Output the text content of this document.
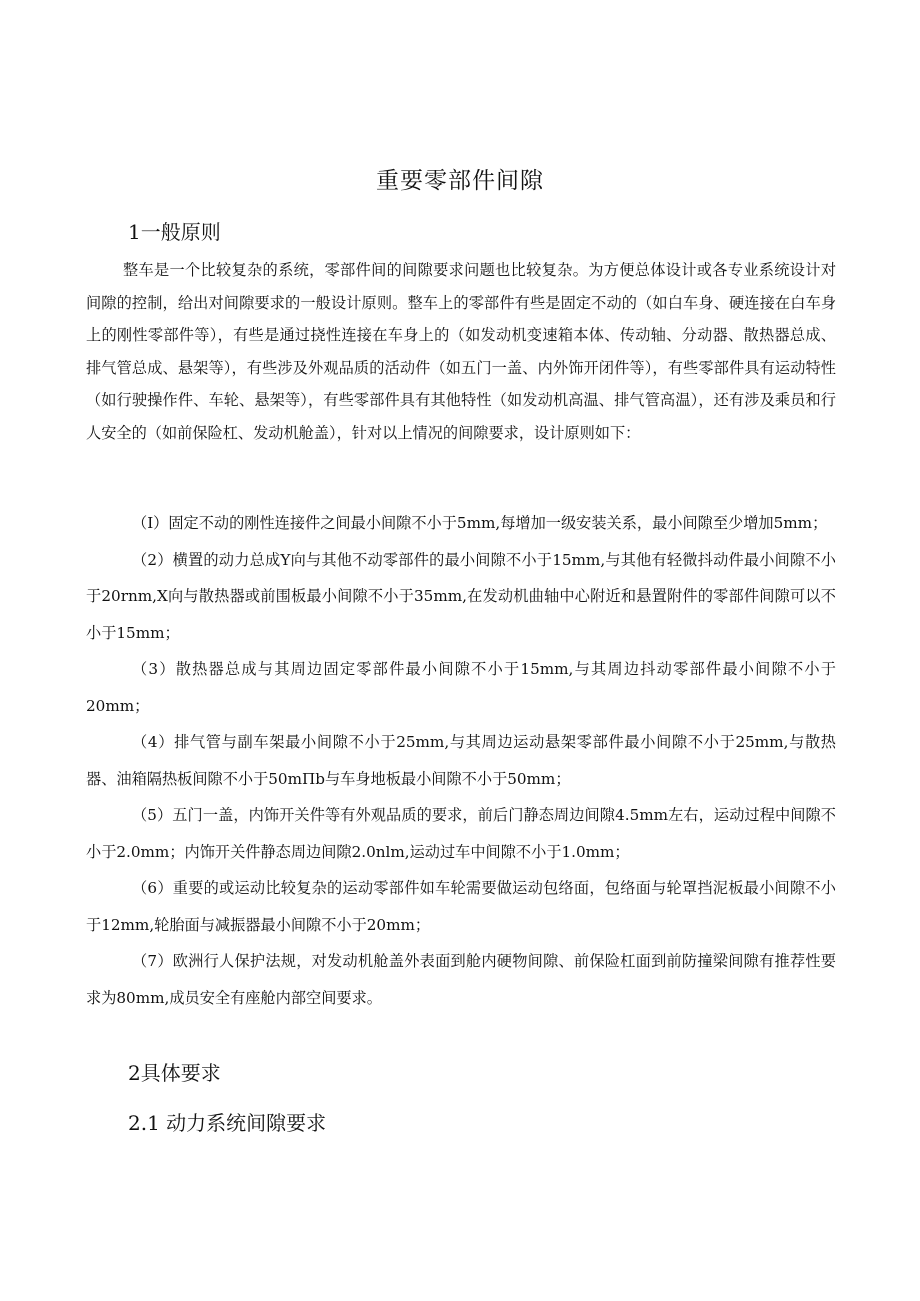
重要零部件间隙
1一般原则

整车是一个比较复杂的系统，零部件间的间隙要求问题也比较复杂。为方便总体设计或各专业系统设计对间隙的控制，给出对间隙要求的一般设计原则。整车上的零部件有些是固定不动的（如白车身、硬连接在白车身上的刚性零部件等），有些是通过挠性连接在车身上的（如发动机变速箱本体、传动轴、分动器、散热器总成、排气管总成、悬架等），有些涉及外观品质的活动件（如五门一盖、内外饰开闭件等），有些零部件具有运动特性（如行驶操作件、车轮、悬架等），有些零部件具有其他特性（如发动机高温、排气管高温），还有涉及乘员和行人安全的（如前保险杠、发动机舱盖），针对以上情况的间隙要求，设计原则如下：

（I）固定不动的刚性连接件之间最小间隙不小于5mm,每增加一级安装关系，最小间隙至少增加5mm；
（2）横置的动力总成Y向与其他不动零部件的最小间隙不小于15mm,与其他有轻微抖动件最小间隙不小于20rnm,X向与散热器或前围板最小间隙不小于35mm,在发动机曲轴中心附近和悬置附件的零部件间隙可以不小于15mm；
（3）散热器总成与其周边固定零部件最小间隙不小于15mm,与其周边抖动零部件最小间隙不小于20mm；
（4）排气管与副车架最小间隙不小于25mm,与其周边运动悬架零部件最小间隙不小于25mm,与散热器、油箱隔热板间隙不小于50mΠb与车身地板最小间隙不小于50mm；
（5）五门一盖，内饰开关件等有外观品质的要求，前后门静态周边间隙4.5mm左右，运动过程中间隙不小于2.0mm；内饰开关件静态周边间隙2.0nlm,运动过车中间隙不小于1.0mm；
（6）重要的或运动比较复杂的运动零部件如车轮需要做运动包络面，包络面与轮罩挡泥板最小间隙不小于12mm,轮胎面与减振器最小间隙不小于20mm；
（7）欧洲行人保护法规，对发动机舱盖外表面到舱内硬物间隙、前保险杠面到前防撞梁间隙有推荐性要求为80mm,成员安全有座舱内部空间要求。
2具体要求
2.1 动力系统间隙要求
